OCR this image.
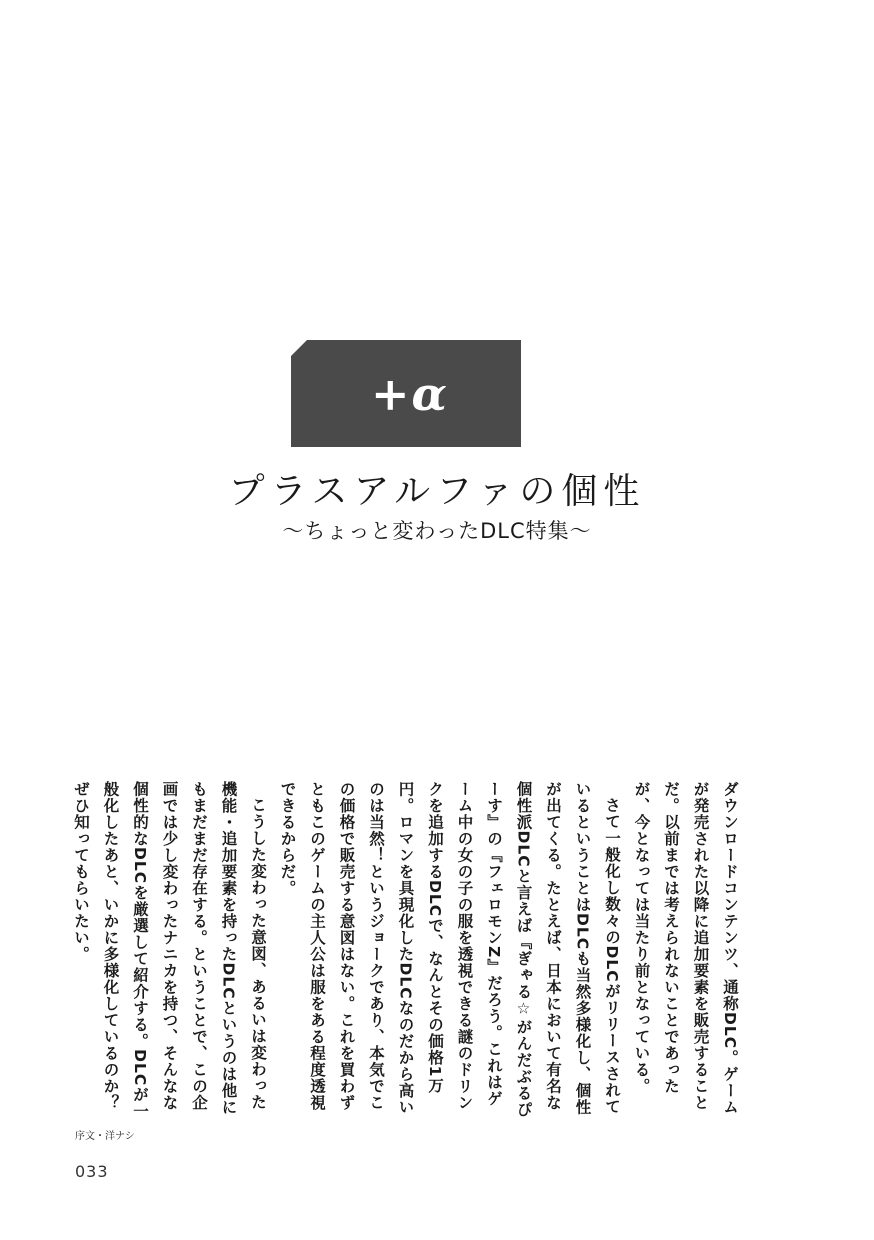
+α
プラスアルファの個性
〜ちょっと変わったDLC特集〜

ダウンロードコンテンツ、通称DLC。ゲームが発売された以降に追加要素を販売することだ。以前までは考えられないことであったが、今となっては当たり前となっている。

さて一般化し数々のDLCがリリースされているということはDLCも当然多様化し、個性が出てくる。たとえば、日本において有名な個性派DLCと言えば『ぎゃる☆がんだぶるぴーす』の『フェロモンZ』だろう。これはゲーム中の女の子の服を透視できる謎のドリンクを追加するDLCで、なんとその価格1万円。ロマンを具現化したDLCなのだから高いのは当然！というジョークであり、本気でこの価格で販売する意図はない。これを買わずともこのゲームの主人公は服をある程度透視できるからだ。

こうした変わった意図、あるいは変わった機能・追加要素を持ったDLCというのは他にもまだまだ存在する。ということで、この企画では少し変わったナニカを持つ、そんなな個性的なDLCを厳選して紹介する。DLCが一般化したあと、いかに多様化しているのか？ぜひ知ってもらいたい。

序文・洋ナシ
033
